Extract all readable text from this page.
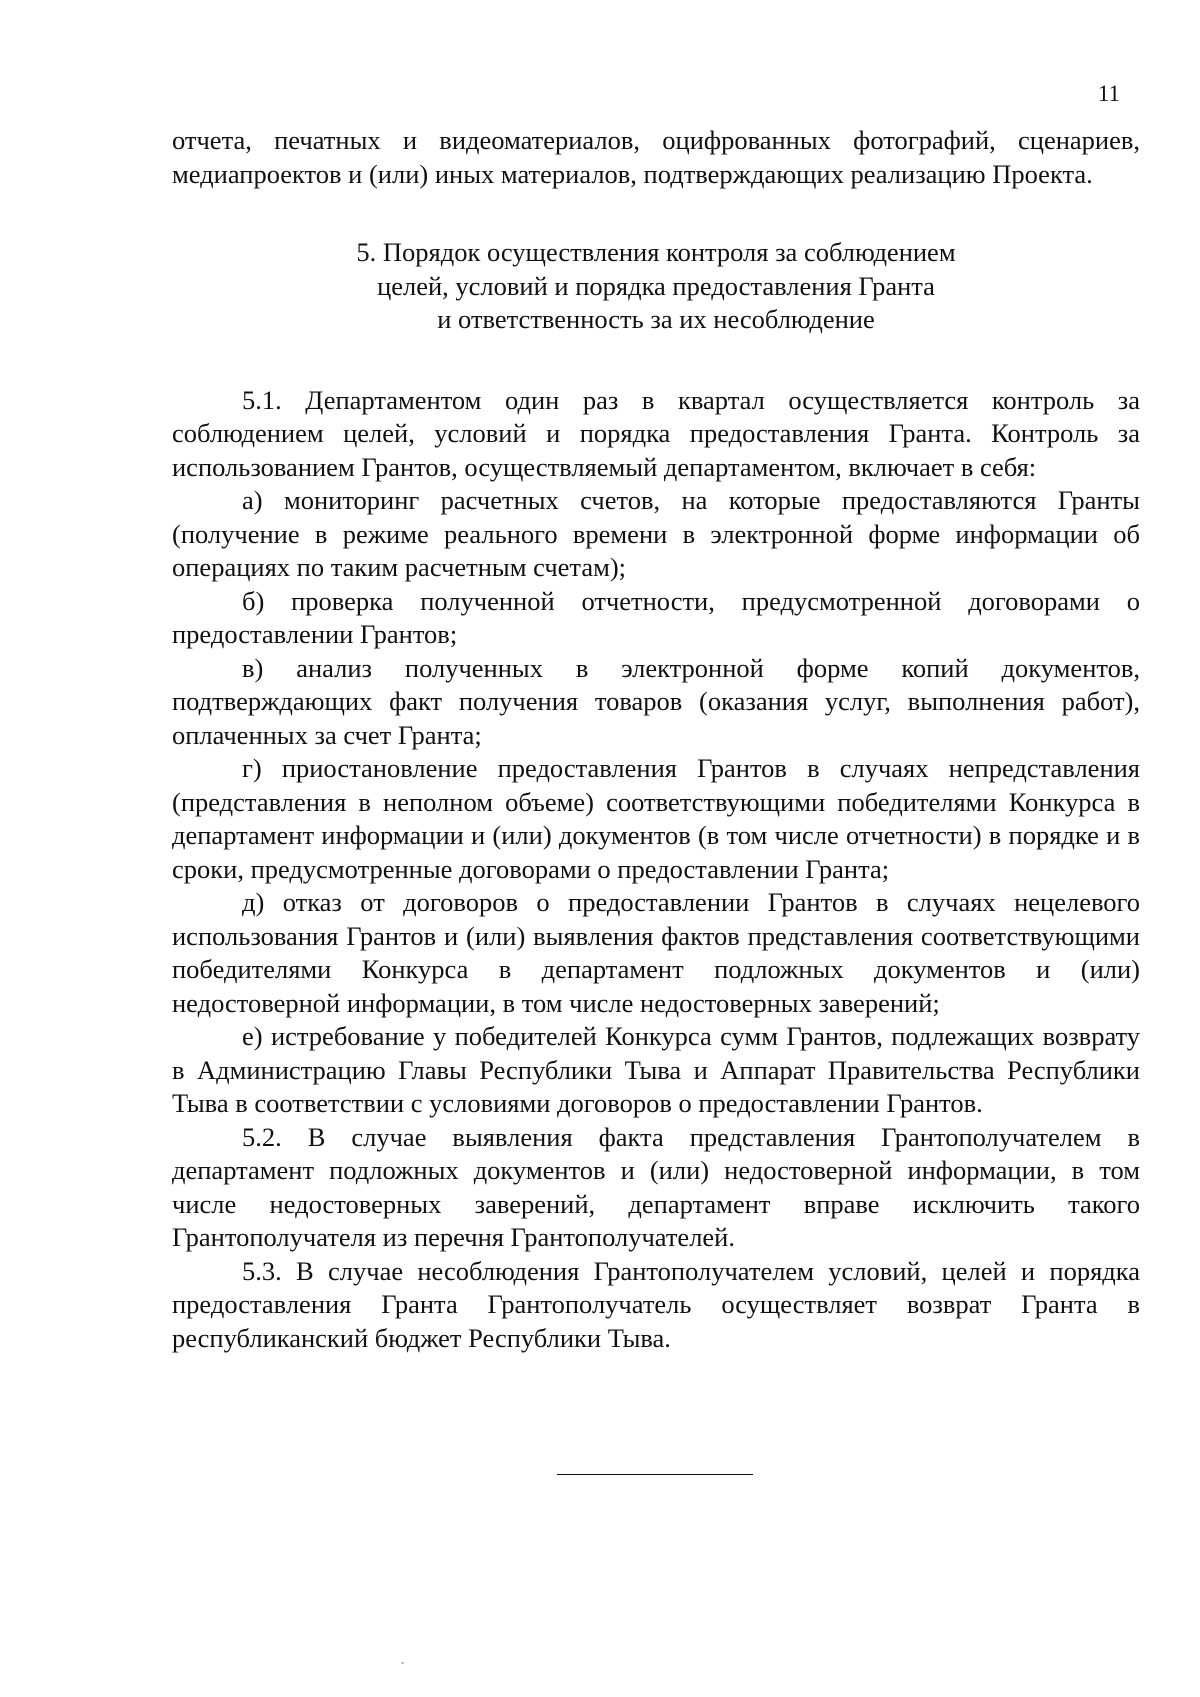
11

отчета, печатных и видеоматериалов, оцифрованных фотографий, сценариев, медиапроектов и (или) иных материалов, подтверждающих реализацию Проекта.

5. Порядок осуществления контроля за соблюдением
целей, условий и порядка предоставления Гранта
и ответственность за их несоблюдение

5.1. Департаментом один раз в квартал осуществляется контроль за соблюдением целей, условий и порядка предоставления Гранта. Контроль за использованием Грантов, осуществляемый департаментом, включает в себя:

а) мониторинг расчетных счетов, на которые предоставляются Гранты (получение в режиме реального времени в электронной форме информации об операциях по таким расчетным счетам);

б) проверка полученной отчетности, предусмотренной договорами о предоставлении Грантов;

в) анализ полученных в электронной форме копий документов, подтверждающих факт получения товаров (оказания услуг, выполнения работ), оплаченных за счет Гранта;

г) приостановление предоставления Грантов в случаях непредставления (представления в неполном объеме) соответствующими победителями Конкурса в департамент информации и (или) документов (в том числе отчетности) в порядке и в сроки, предусмотренные договорами о предоставлении Гранта;

д) отказ от договоров о предоставлении Грантов в случаях нецелевого использования Грантов и (или) выявления фактов представления соответствующими победителями Конкурса в департамент подложных документов и (или) недостоверной информации, в том числе недостоверных заверений;

е) истребование у победителей Конкурса сумм Грантов, подлежащих возврату в Администрацию Главы Республики Тыва и Аппарат Правительства Республики Тыва в соответствии с условиями договоров о предоставлении Грантов.

5.2. В случае выявления факта представления Грантополучателем в департамент подложных документов и (или) недостоверной информации, в том числе недостоверных заверений, департамент вправе исключить такого Грантополучателя из перечня Грантополучателей.

5.3. В случае несоблюдения Грантополучателем условий, целей и порядка предоставления Гранта Грантополучатель осуществляет возврат Гранта в республиканский бюджет Республики Тыва.
